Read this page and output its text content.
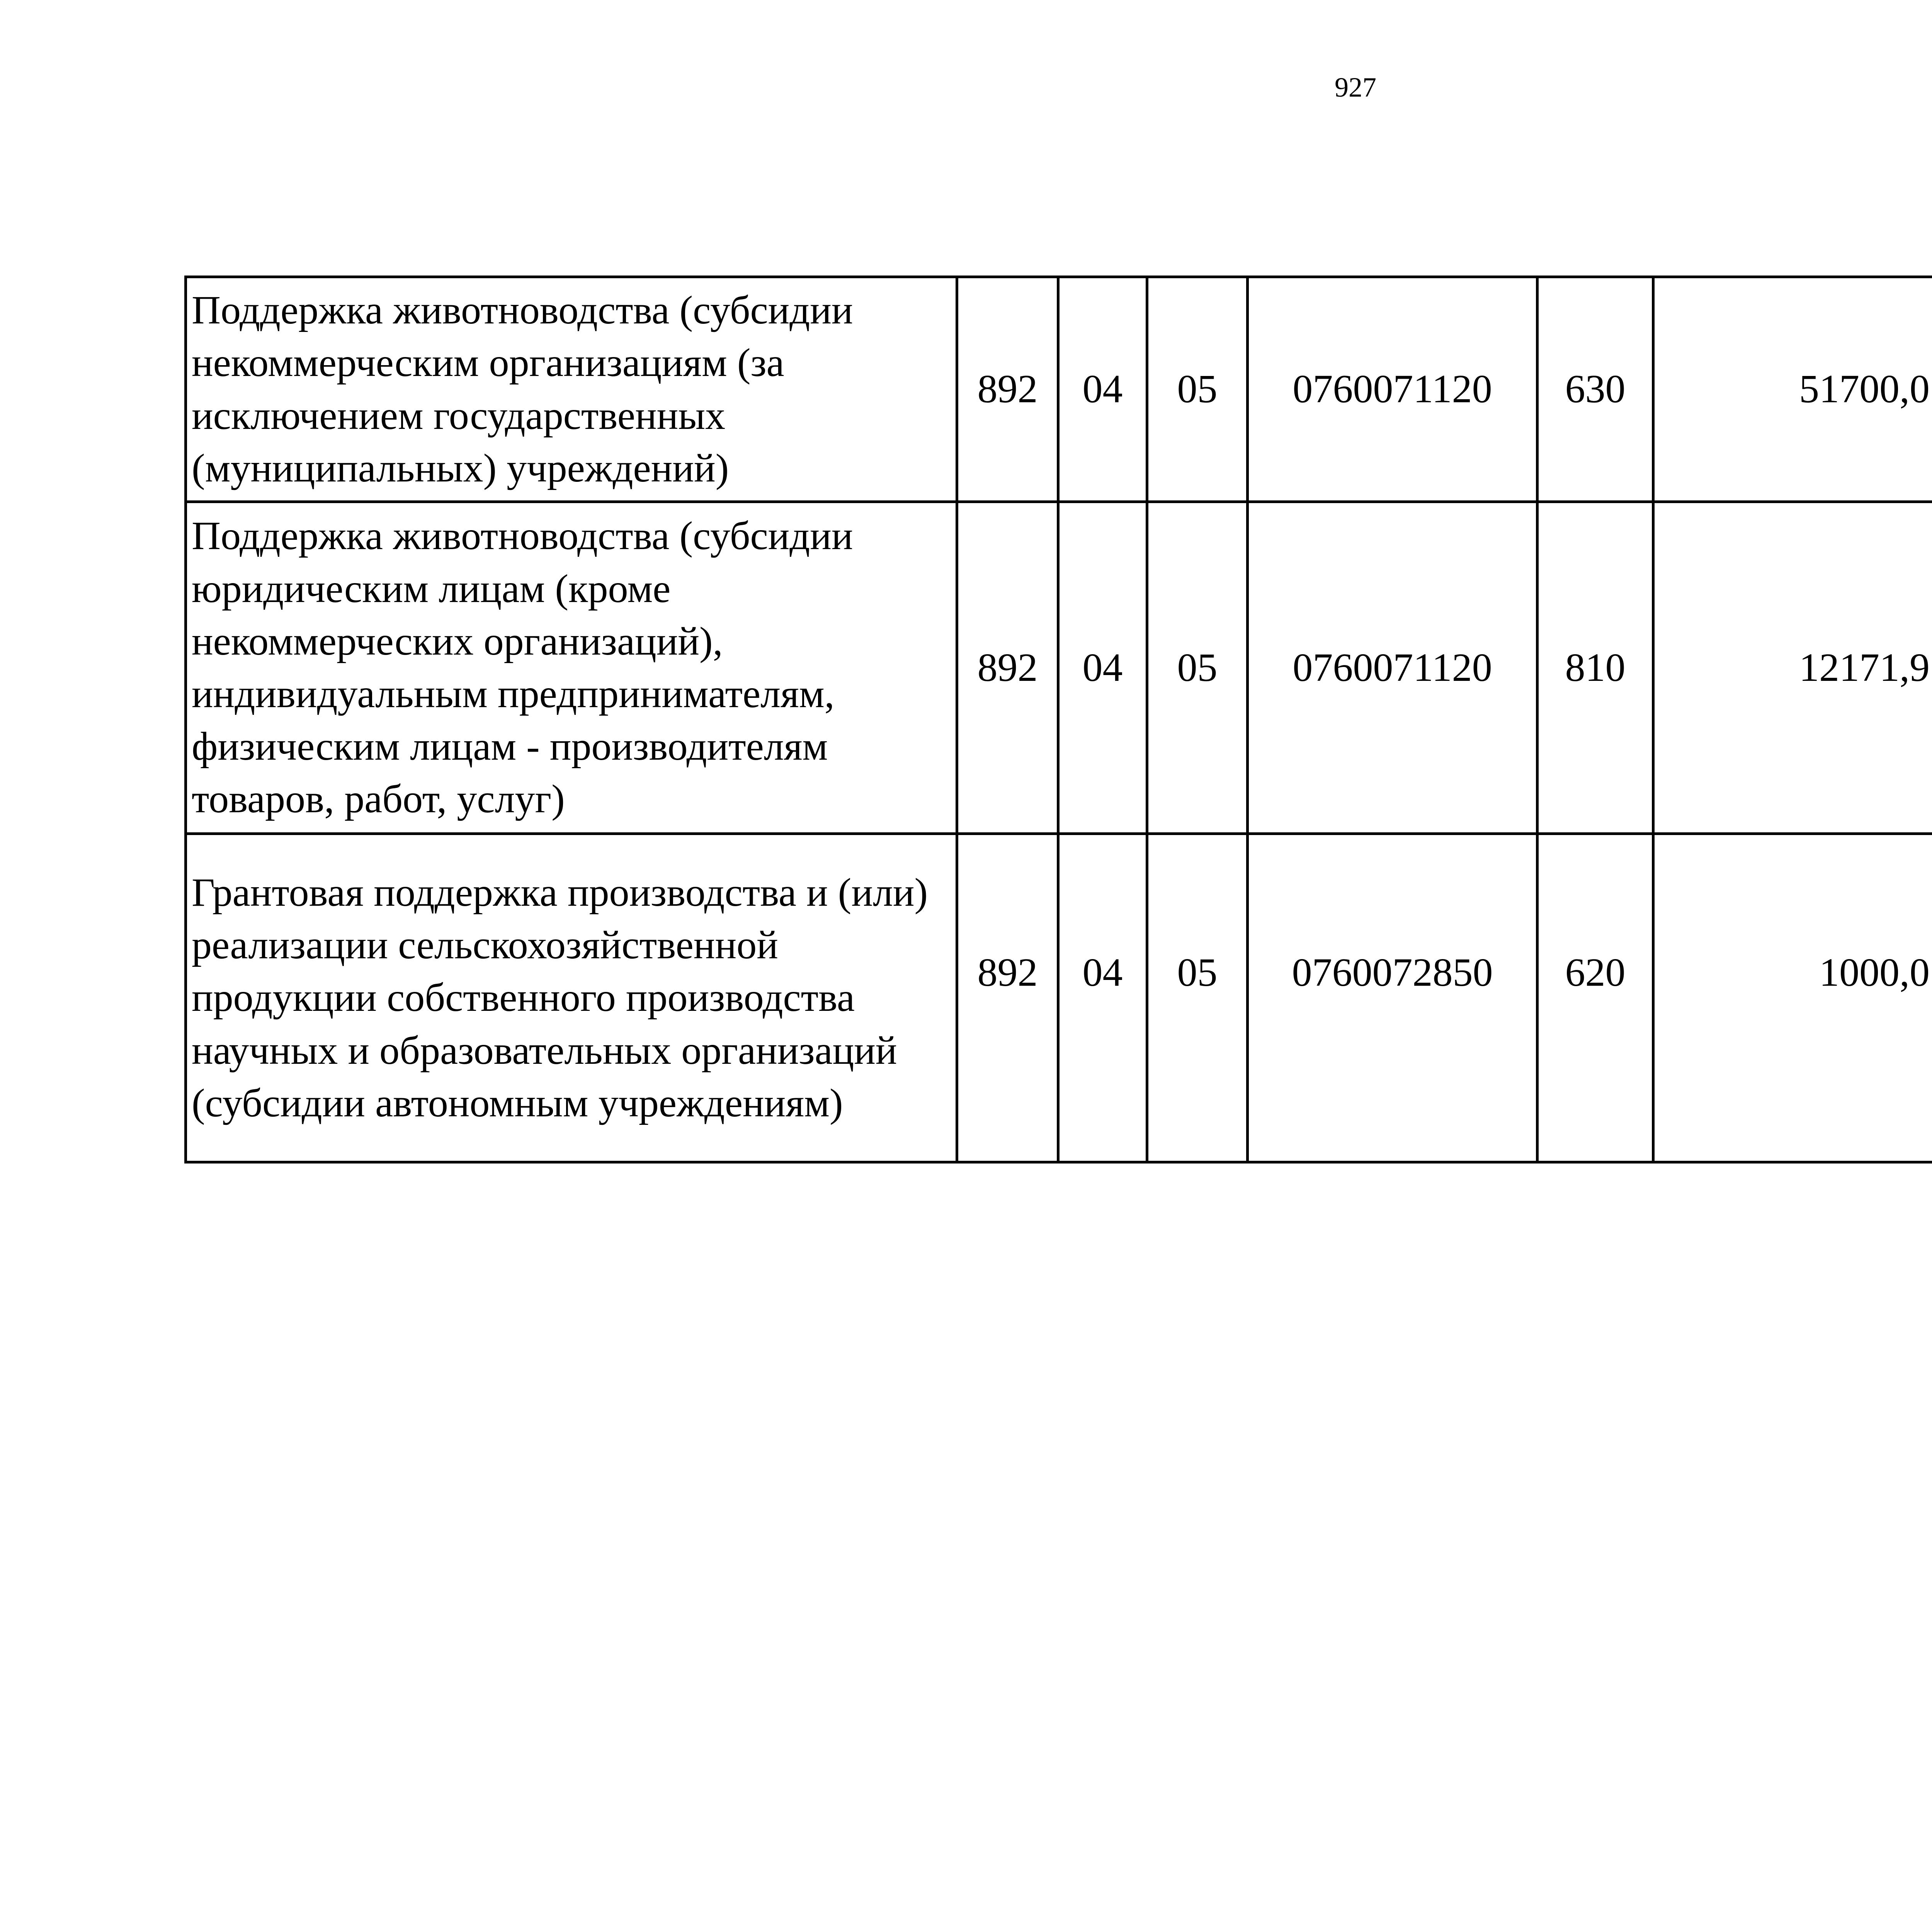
927
Поддержка животноводства (субсидии некоммерческим организациям (за исключением государственных (муниципальных) учреждений)	892	04	05	0760071120	630	51700,0		
Поддержка животноводства (субсидии юридическим лицам (кроме некоммерческих организаций), индивидуальным предпринимателям, физическим лицам - производителям товаров, работ, услуг)	892	04	05	0760071120	810	12171,9		
Грантовая поддержка производства и (или) реализации сельскохозяйственной продукции собственного производства научных и образовательных организаций (субсидии автономным учреждениям)	892	04	05	0760072850	620	1000,0		
